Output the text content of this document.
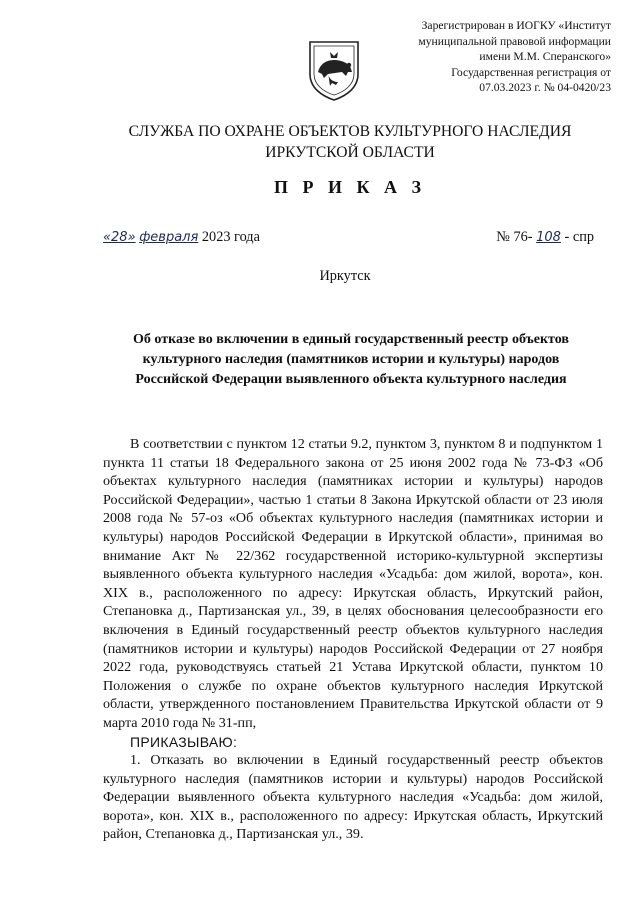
Зарегистрирован в ИОГКУ «Институт
муниципальной правовой информации
имени М.М. Сперанского»
Государственная регистрация от
07.03.2023 г. № 04-0420/23
СЛУЖБА ПО ОХРАНЕ ОБЪЕКТОВ КУЛЬТУРНОГО НАСЛЕДИЯ
ИРКУТСКОЙ ОБЛАСТИ
П Р И К А З
«28» февраля 2023 года	№ 76- 108 - спр
Иркутск
Об отказе во включении в единый государственный реестр объектов
культурного наследия (памятников истории и культуры) народов
Российской Федерации выявленного объекта культурного наследия

В соответствии с пунктом 12 статьи 9.2, пунктом 3, пунктом 8 и подпунктом 1 пункта 11 статьи 18 Федерального закона от 25 июня 2002 года № 73-ФЗ «Об объектах культурного наследия (памятниках истории и культуры) народов Российской Федерации», частью 1 статьи 8 Закона Иркутской области от 23 июля 2008 года № 57-оз «Об объектах культурного наследия (памятниках истории и культуры) народов Российской Федерации в Иркутской области», принимая во внимание Акт № 22/362 государственной историко-культурной экспертизы выявленного объекта культурного наследия «Усадьба: дом жилой, ворота», кон. XIX в., расположенного по адресу: Иркутская область, Иркутский район, Степановка д., Партизанская ул., 39, в целях обоснования целесообразности его включения в Единый государственный реестр объектов культурного наследия (памятников истории и культуры) народов Российской Федерации от 27 ноября 2022 года, руководствуясь статьей 21 Устава Иркутской области, пунктом 10 Положения о службе по охране объектов культурного наследия Иркутской области, утвержденного постановлением Правительства Иркутской области от 9 марта 2010 года № 31-пп,

ПРИКАЗЫВАЮ:

1. Отказать во включении в Единый государственный реестр объектов культурного наследия (памятников истории и культуры) народов Российской Федерации выявленного объекта культурного наследия «Усадьба: дом жилой, ворота», кон. XIX в., расположенного по адресу: Иркутская область, Иркутский район, Степановка д., Партизанская ул., 39.
